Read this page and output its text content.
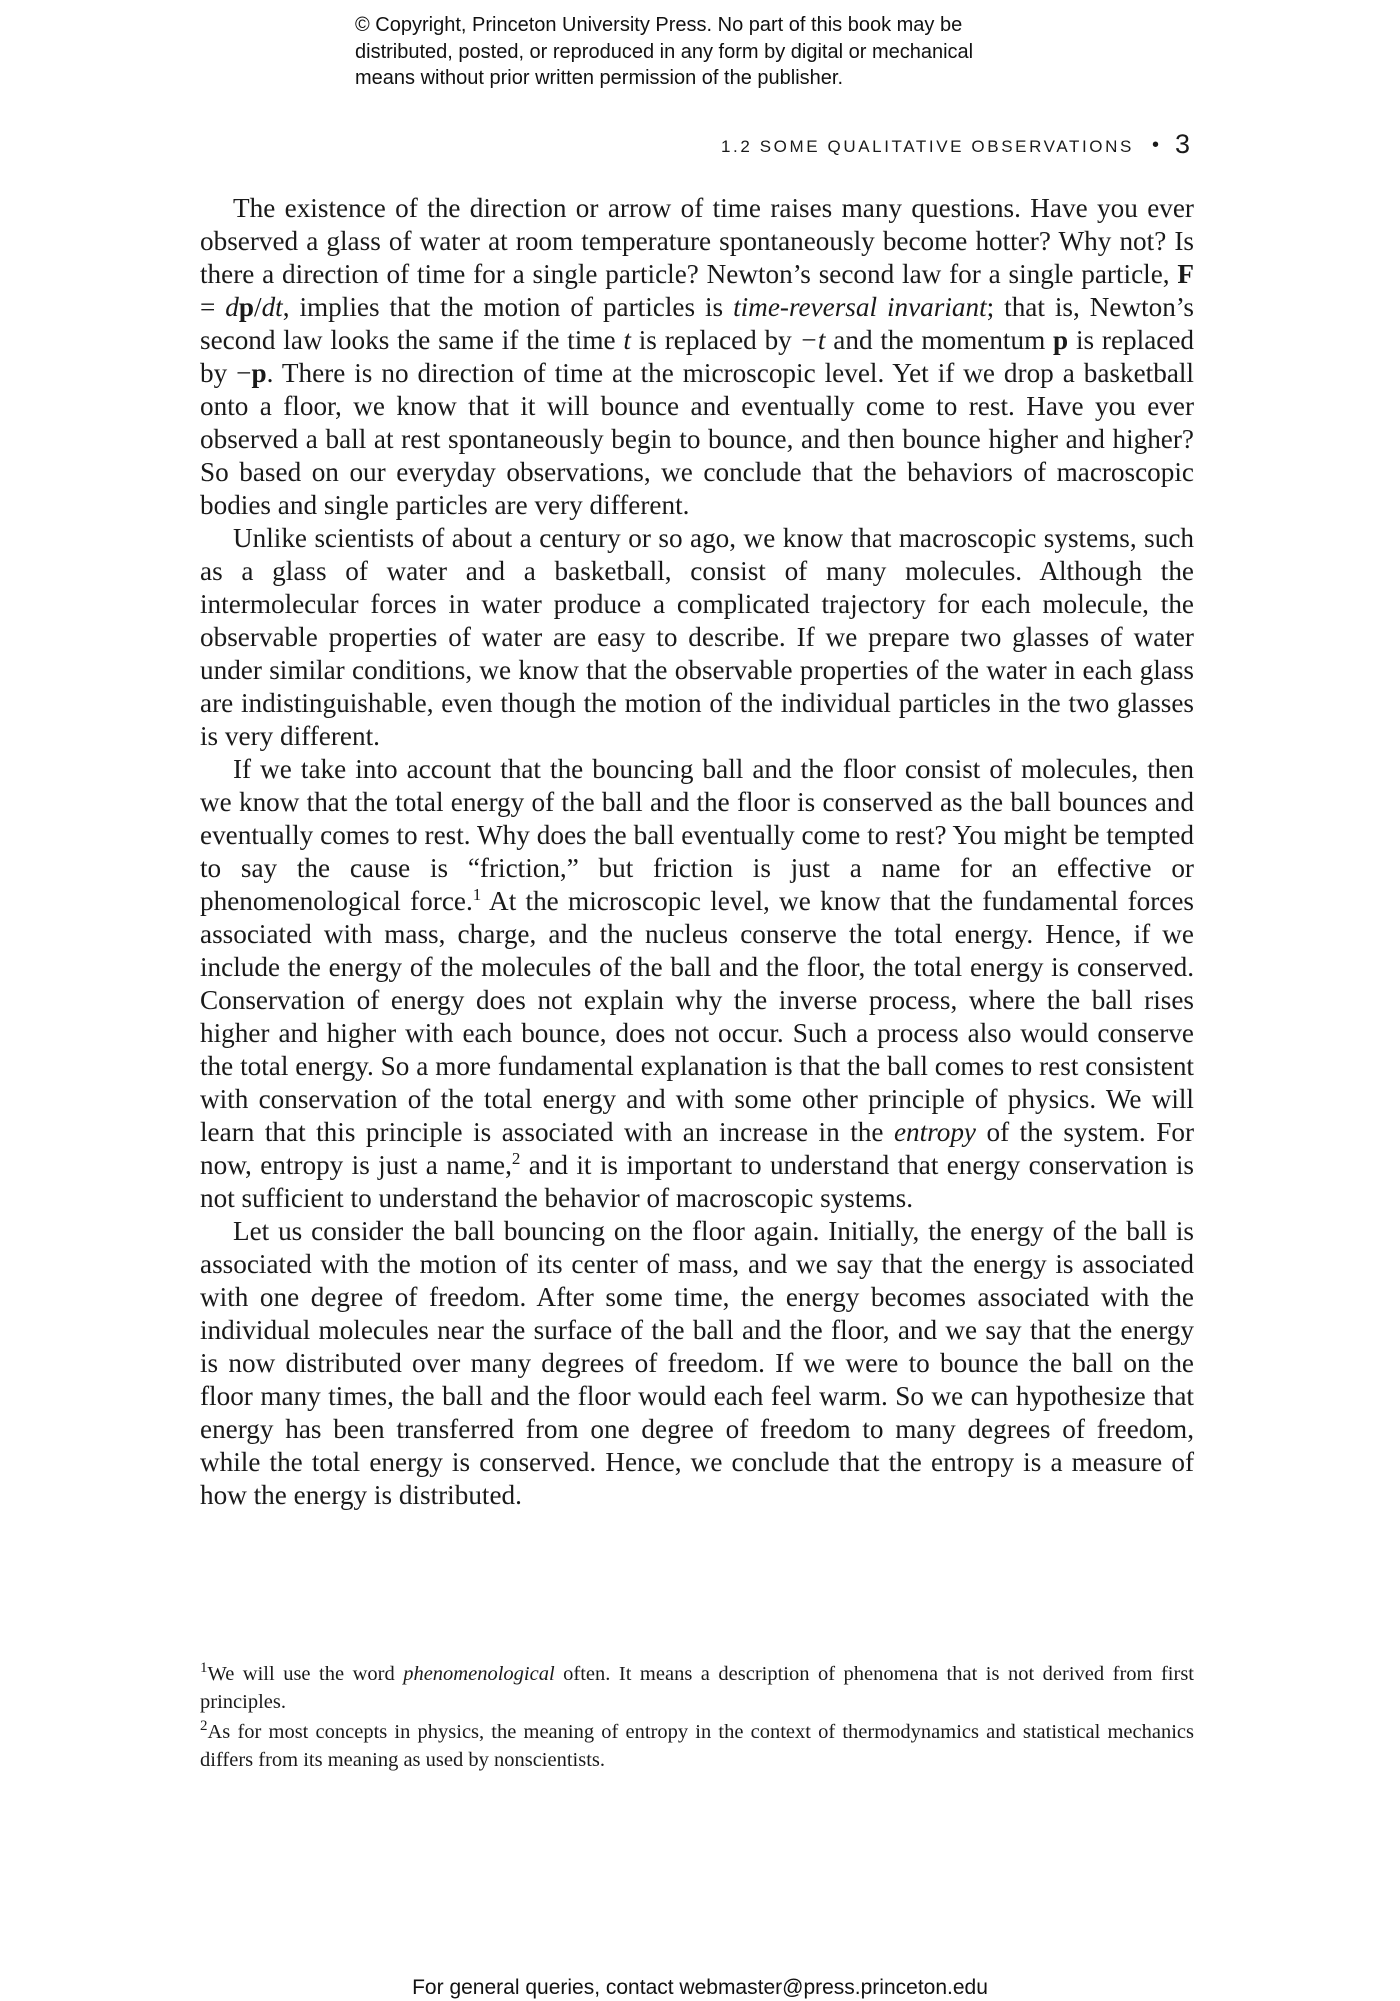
© Copyright, Princeton University Press. No part of this book may be
distributed, posted, or reproduced in any form by digital or mechanical
means without prior written permission of the publisher.
1.2 SOME QUALITATIVE OBSERVATIONS • 3

The existence of the direction or arrow of time raises many questions. Have you ever observed a glass of water at room temperature spontaneously become hotter? Why not? Is there a direction of time for a single particle? Newton’s second law for a single particle, F = dp/dt, implies that the motion of particles is time-reversal invariant; that is, Newton’s second law looks the same if the time t is replaced by −t and the momentum p is replaced by −p. There is no direction of time at the microscopic level. Yet if we drop a basketball onto a floor, we know that it will bounce and eventually come to rest. Have you ever observed a ball at rest spontaneously begin to bounce, and then bounce higher and higher? So based on our everyday observations, we conclude that the behaviors of macroscopic bodies and single particles are very different.

Unlike scientists of about a century or so ago, we know that macroscopic systems, such as a glass of water and a basketball, consist of many molecules. Although the intermolecular forces in water produce a complicated trajectory for each molecule, the observable properties of water are easy to describe. If we prepare two glasses of water under similar conditions, we know that the observable properties of the water in each glass are indistinguishable, even though the motion of the individual particles in the two glasses is very different.

If we take into account that the bouncing ball and the floor consist of molecules, then we know that the total energy of the ball and the floor is conserved as the ball bounces and eventually comes to rest. Why does the ball eventually come to rest? You might be tempted to say the cause is “friction,” but friction is just a name for an effective or phenomenological force.$^1$ At the microscopic level, we know that the fundamental forces associated with mass, charge, and the nucleus conserve the total energy. Hence, if we include the energy of the molecules of the ball and the floor, the total energy is conserved. Conservation of energy does not explain why the inverse process, where the ball rises higher and higher with each bounce, does not occur. Such a process also would conserve the total energy. So a more fundamental explanation is that the ball comes to rest consistent with conservation of the total energy and with some other principle of physics. We will learn that this principle is associated with an increase in the entropy of the system. For now, entropy is just a name,$^2$ and it is important to understand that energy conservation is not sufficient to understand the behavior of macroscopic systems.

Let us consider the ball bouncing on the floor again. Initially, the energy of the ball is associated with the motion of its center of mass, and we say that the energy is associated with one degree of freedom. After some time, the energy becomes associated with the individual molecules near the surface of the ball and the floor, and we say that the energy is now distributed over many degrees of freedom. If we were to bounce the ball on the floor many times, the ball and the floor would each feel warm. So we can hypothesize that energy has been transferred from one degree of freedom to many degrees of freedom, while the total energy is conserved. Hence, we conclude that the entropy is a measure of how the energy is distributed.

$^1$We will use the word phenomenological often. It means a description of phenomena that is not derived from first principles.
$^2$As for most concepts in physics, the meaning of entropy in the context of thermodynamics and statistical mechanics differs from its meaning as used by nonscientists.
For general queries, contact webmaster@press.princeton.edu
